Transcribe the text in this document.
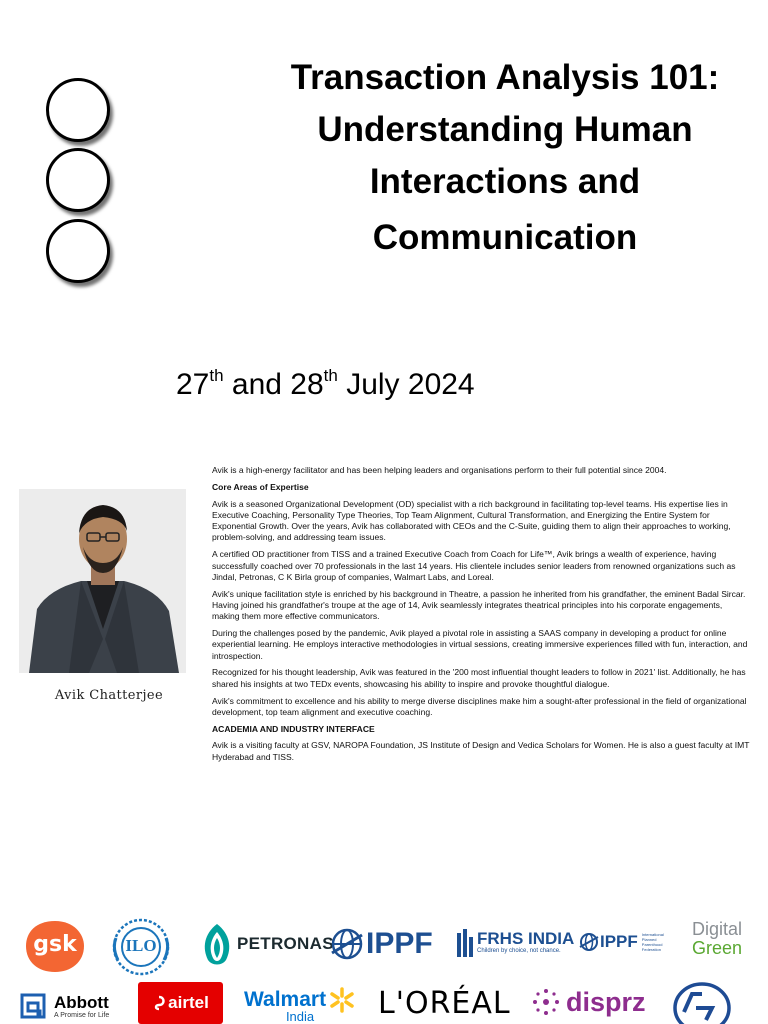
Transaction Analysis 101:
Understanding Human
Interactions and
Communication
27th and 28th July 2024
Avik Chatterjee

Avik is a high-energy facilitator and has been helping leaders and organisations perform to their full potential since 2004.

Core Areas of Expertise

Avik is a seasoned Organizational Development (OD) specialist with a rich background in facilitating top-level teams. His expertise lies in Executive Coaching, Personality Type Theories, Top Team Alignment, Cultural Transformation, and Energizing the Entire System for Exponential Growth. Over the years, Avik has collaborated with CEOs and the C-Suite, guiding them to align their approaches to working, problem-solving, and addressing team issues.

A certified OD practitioner from TISS and a trained Executive Coach from Coach for Life™, Avik brings a wealth of experience, having successfully coached over 70 professionals in the last 14 years. His clientele includes senior leaders from renowned organizations such as Jindal, Petronas, C K Birla group of companies, Walmart Labs, and Loreal.

Avik's unique facilitation style is enriched by his background in Theatre, a passion he inherited from his grandfather, the eminent Badal Sircar. Having joined his grandfather's troupe at the age of 14, Avik seamlessly integrates theatrical principles into his corporate engagements, making them more effective communicators.

During the challenges posed by the pandemic, Avik played a pivotal role in assisting a SAAS company in developing a product for online experiential learning. He employs interactive methodologies in virtual sessions, creating immersive experiences filled with fun, interaction, and introspection.

Recognized for his thought leadership, Avik was featured in the '200 most influential thought leaders to follow in 2021' list. Additionally, he has shared his insights at two TEDx events, showcasing his ability to inspire and provoke thoughtful dialogue.

Avik's commitment to excellence and his ability to merge diverse disciplines make him a sought-after professional in the field of organizational development, top team alignment and executive coaching.

ACADEMIA AND INDUSTRY INTERFACE

Avik is a visiting faculty at GSV, NAROPA Foundation, JS Institute of Design and Vedica Scholars for Women. He is also a guest faculty at IMT Hyderabad and TISS.

gsk	ILO	PETRONAS IPPF	FRHS INDIA
Children by choice, not chance.	IPPF International Planned Parenthood Federation
Digital
Green
Abbott
A Promise for Life
airtel Walmart
India L'ORÉAL disprz
